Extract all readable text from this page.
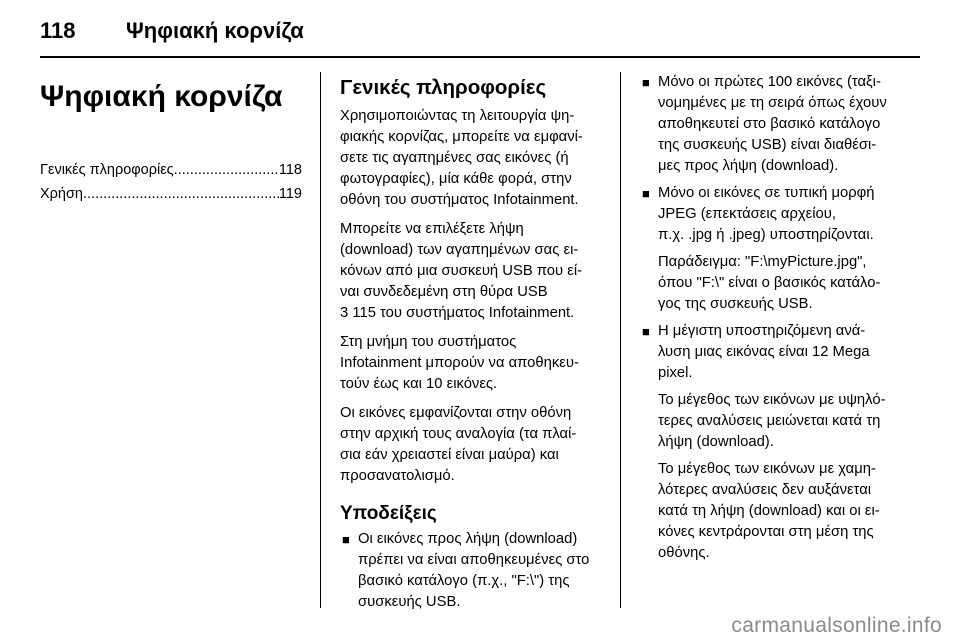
118 Ψηφιακή κορνίζα
Ψηφιακή κορνίζα
Γενικές πληροφορίες .....	118
Χρήση .....	119
Γενικές πληροφορίες

Χρησιμοποιώντας τη λειτουργία ψη-
φιακής κορνίζας, μπορείτε να εμφανί-
σετε τις αγαπημένες σας εικόνες (ή
φωτογραφίες), μία κάθε φορά, στην
οθόνη του συστήματος Infotainment.

Μπορείτε να επιλέξετε λήψη
(download) των αγαπημένων σας ει-
κόνων από μια συσκευή USB που εί-
ναι συνδεδεμένη στη θύρα USB
3 115 του συστήματος Infotainment.

Στη μνήμη του συστήματος
Infotainment μπορούν να αποθηκευ-
τούν έως και 10 εικόνες.

Οι εικόνες εμφανίζονται στην οθόνη
στην αρχική τους αναλογία (τα πλαί-
σια εάν χρειαστεί είναι μαύρα) και
προσανατολισμό.

Υποδείξεις
■ Οι εικόνες προς λήψη (download)
πρέπει να είναι αποθηκευμένες στο
βασικό κατάλογο (π.χ., "F:\") της
συσκευής USB.

■ Μόνο οι πρώτες 100 εικόνες (ταξι-
νομημένες με τη σειρά όπως έχουν
αποθηκευτεί στο βασικό κατάλογο
της συσκευής USB) είναι διαθέσι-
μες προς λήψη (download).

■ Μόνο οι εικόνες σε τυπική μορφή
JPEG (επεκτάσεις αρχείου,
π.χ. .jpg ή .jpeg) υποστηρίζονται.

Παράδειγμα: "F:\myPicture.jpg",
όπου "F:\" είναι ο βασικός κατάλο-
γος της συσκευής USB.

■ Η μέγιστη υποστηριζόμενη ανά-
λυση μιας εικόνας είναι 12 Mega
pixel.

Το μέγεθος των εικόνων με υψηλό-
τερες αναλύσεις μειώνεται κατά τη
λήψη (download).

Το μέγεθος των εικόνων με χαμη-
λότερες αναλύσεις δεν αυξάνεται
κατά τη λήψη (download) και οι ει-
κόνες κεντράρονται στη μέση της
οθόνης.

carmanualsonline.info
